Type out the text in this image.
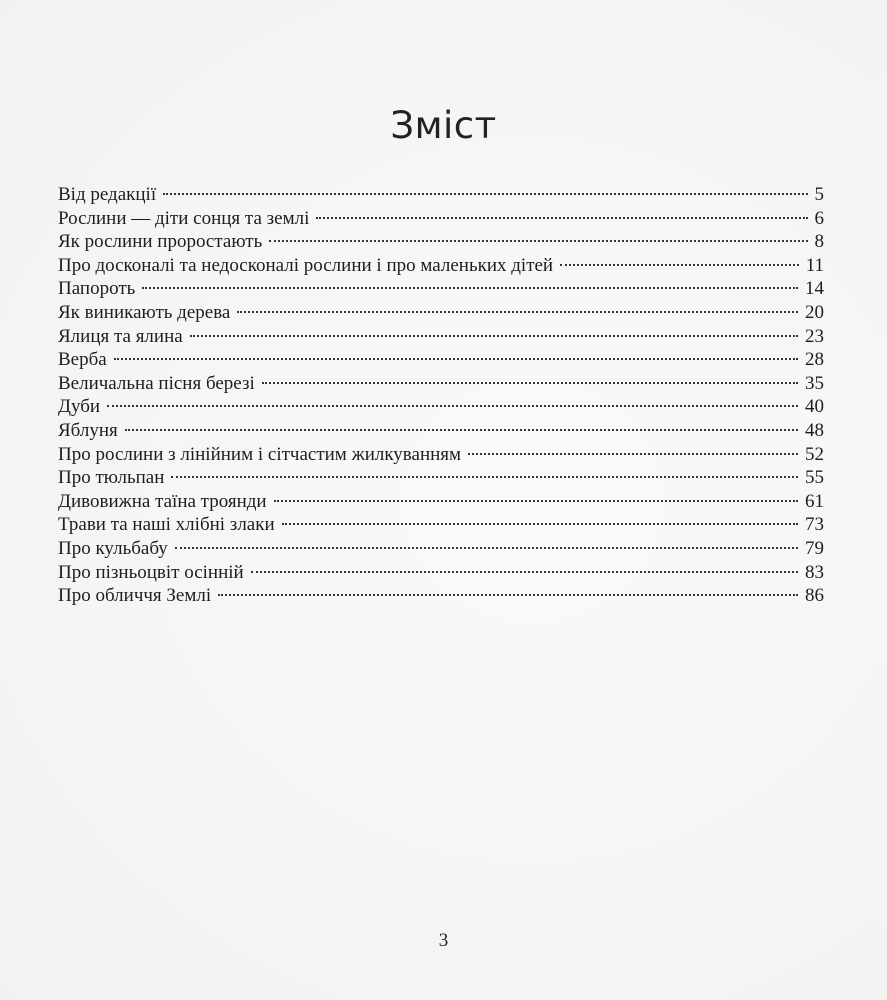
Зміст
Від редакції	5
Рослини — діти сонця та землі	6
Як рослини проростають	8
Про досконалі та недосконалі рослини і про маленьких дітей	11
Папороть	14
Як виникають дерева	20
Ялиця та ялина	23
Верба	28
Величальна пісня березі	35
Дуби	40
Яблуня	48
Про рослини з лінійним і сітчастим жилкуванням	52
Про тюльпан	55
Дивовижна таїна троянди	61
Трави та наші хлібні злаки	73
Про кульбабу	79
Про пізньоцвіт осінній	83
Про обличчя Землі	86
3
